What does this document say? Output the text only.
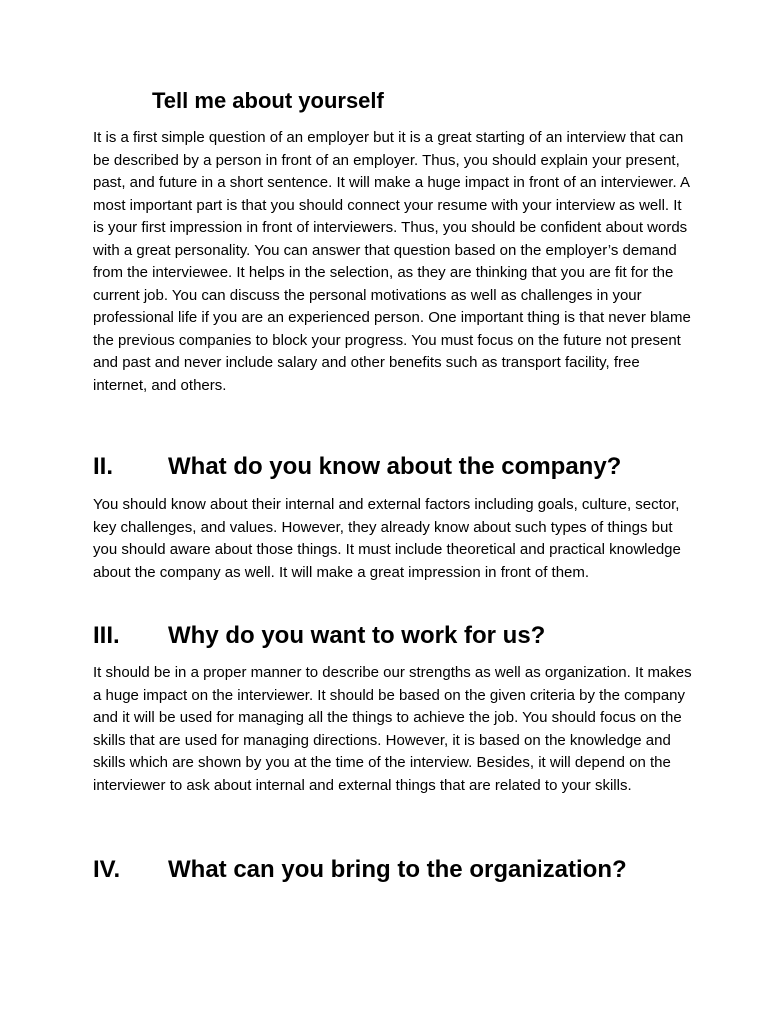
Tell me about yourself

It is a first simple question of an employer but it is a great starting of an interview that can be described by a person in front of an employer. Thus, you should explain your present, past, and future in a short sentence. It will make a huge impact in front of an interviewer. A most important part is that you should connect your resume with your interview as well. It is your first impression in front of interviewers. Thus, you should be confident about words with a great personality. You can answer that question based on the employer’s demand from the interviewee. It helps in the selection, as they are thinking that you are fit for the current job. You can discuss the personal motivations as well as challenges in your professional life if you are an experienced person. One important thing is that never blame the previous companies to block your progress. You must focus on the future not present and past and never include salary and other benefits such as transport facility, free internet, and others.

II. What do you know about the company?

You should know about their internal and external factors including goals, culture, sector, key challenges, and values. However, they already know about such types of things but you should aware about those things. It must include theoretical and practical knowledge about the company as well. It will make a great impression in front of them.

III. Why do you want to work for us?

It should be in a proper manner to describe our strengths as well as organization. It makes a huge impact on the interviewer. It should be based on the given criteria by the company and it will be used for managing all the things to achieve the job. You should focus on the skills that are used for managing directions. However, it is based on the knowledge and skills which are shown by you at the time of the interview. Besides, it will depend on the interviewer to ask about internal and external things that are related to your skills.

IV. What can you bring to the organization?
